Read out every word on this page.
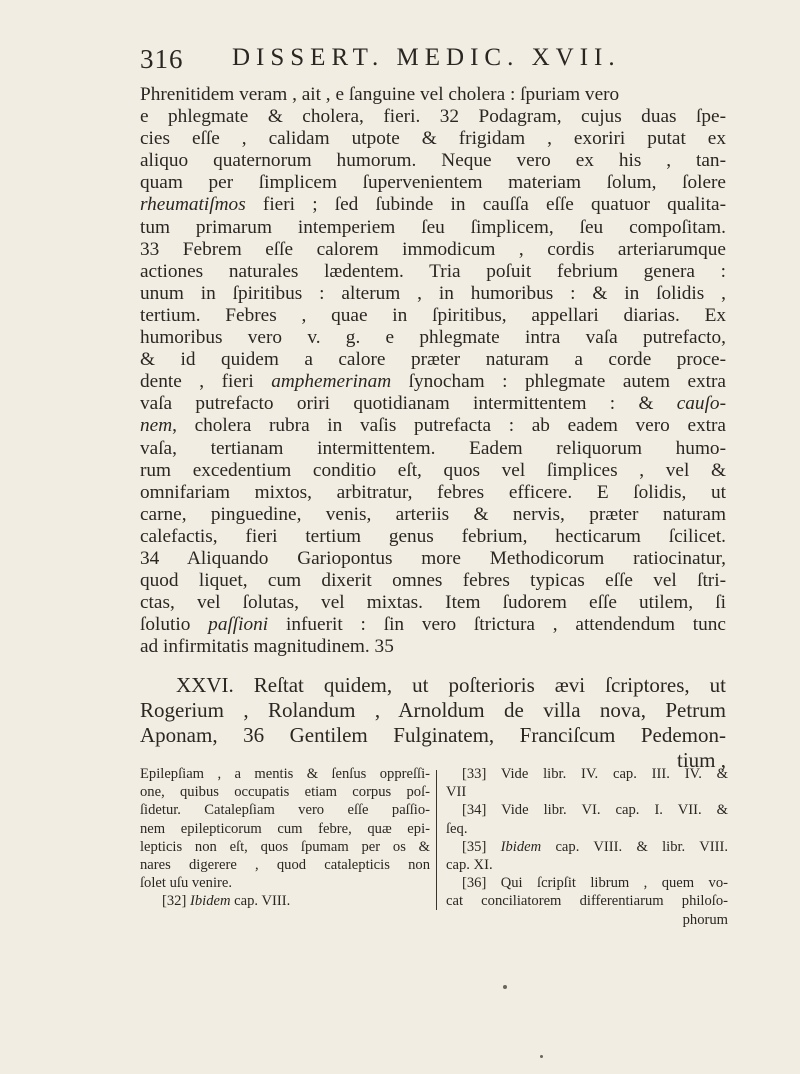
316 DISSERT. MEDIC. XVII.
Phrenitidem veram , ait , e ſanguine vel cholera : ſpuriam vero
e phlegmate & cholera, fieri. 32 Podagram, cujus duas ſpe-
cies eſſe , calidam utpote & frigidam , exoriri putat ex
aliquo quaternorum humorum. Neque vero ex his , tan-
quam per ſimplicem ſupervenientem materiam ſolum, ſolere
rheumatiſmos fieri ; ſed ſubinde in cauſſa eſſe quatuor qualita-
tum primarum intemperiem ſeu ſimplicem, ſeu compoſitam.
33 Febrem eſſe calorem immodicum , cordis arteriarumque
actiones naturales lædentem. Tria poſuit febrium genera :
unum in ſpiritibus : alterum , in humoribus : & in ſolidis ,
tertium. Febres , quae in ſpiritibus, appellari diarias. Ex
humoribus vero v. g. e phlegmate intra vaſa putrefacto,
& id quidem a calore præter naturam a corde proce-
dente , fieri amphemerinam ſynocham : phlegmate autem extra
vaſa putrefacto oriri quotidianam intermittentem : & cauſo-
nem, cholera rubra in vaſis putrefacta : ab eadem vero extra
vaſa, tertianam intermittentem. Eadem reliquorum humo-
rum excedentium conditio eſt, quos vel ſimplices , vel &
omnifariam mixtos, arbitratur, febres efficere. E ſolidis, ut
carne, pinguedine, venis, arteriis & nervis, præter naturam
calefactis, fieri tertium genus febrium, hecticarum ſcilicet.
34 Aliquando Gariopontus more Methodicorum ratiocinatur,
quod liquet, cum dixerit omnes febres typicas eſſe vel ſtri-
ctas, vel ſolutas, vel mixtas. Item ſudorem eſſe utilem, ſi
ſolutio paſſioni infuerit : ſin vero ſtrictura , attendendum tunc
ad infirmitatis magnitudinem. 35
XXVI. Reſtat quidem, ut poſterioris ævi ſcriptores, ut
Rogerium , Rolandum , Arnoldum de villa nova, Petrum
Aponam, 36 Gentilem Fulginatem, Franciſcum Pedemon-
tium ,
Epilepſiam , a mentis & ſenſus oppreſſi-
one, quibus occupatis etiam corpus poſ-
ſidetur. Catalepſiam vero eſſe paſſio-
nem epilepticorum cum febre, quæ epi-
lepticis non eſt, quos ſpumam per os &
nares digerere , quod catalepticis non
ſolet uſu venire.
[32] Ibidem cap. VIII.
[33] Vide libr. IV. cap. III. IV. &
VII
[34] Vide libr. VI. cap. I. VII. &
ſeq.
[35] Ibidem cap. VIII. & libr. VIII.
cap. XI.
[36] Qui ſcripſit librum , quem vo-
cat conciliatorem differentiarum philoſo-
phorum
